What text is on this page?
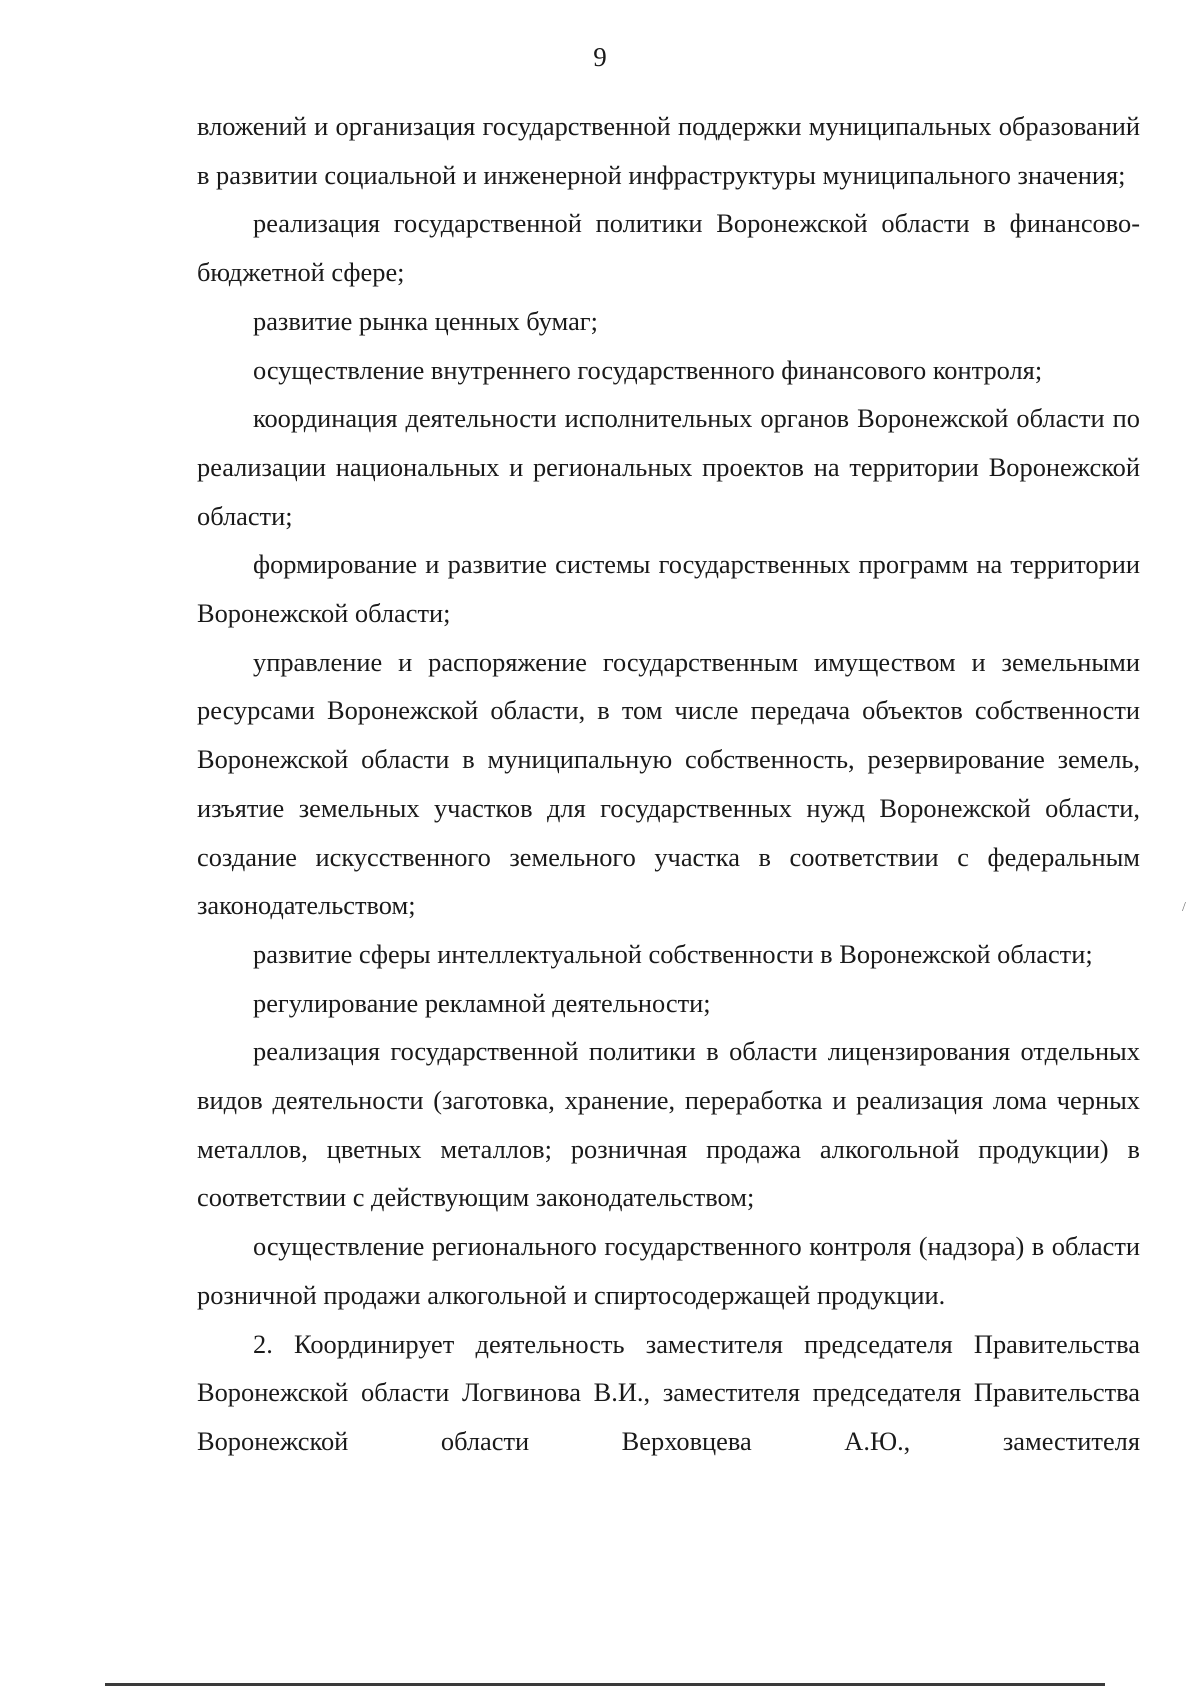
9

вложений и организация государственной поддержки муниципальных образований в развитии социальной и инженерной инфраструктуры муниципального значения;

реализация государственной политики Воронежской области в финансово-бюджетной сфере;

развитие рынка ценных бумаг;

осуществление внутреннего государственного финансового контроля;

координация деятельности исполнительных органов Воронежской области по реализации национальных и региональных проектов на территории Воронежской области;

формирование и развитие системы государственных программ на территории Воронежской области;

управление и распоряжение государственным имуществом и земельными ресурсами Воронежской области, в том числе передача объектов собственности Воронежской области в муниципальную собственность, резервирование земель, изъятие земельных участков для государственных нужд Воронежской области, создание искусственного земельного участка в соответствии с федеральным законодательством;

развитие сферы интеллектуальной собственности в Воронежской области;

регулирование рекламной деятельности;

реализация государственной политики в области лицензирования отдельных видов деятельности (заготовка, хранение, переработка и реализация лома черных металлов, цветных металлов; розничная продажа алкогольной продукции) в соответствии с действующим законодательством;

осуществление регионального государственного контроля (надзора) в области розничной продажи алкогольной и спиртосодержащей продукции.

2. Координирует деятельность заместителя председателя Правительства Воронежской области Логвинова В.И., заместителя председателя Правительства Воронежской области Верховцева А.Ю., заместителя

/
